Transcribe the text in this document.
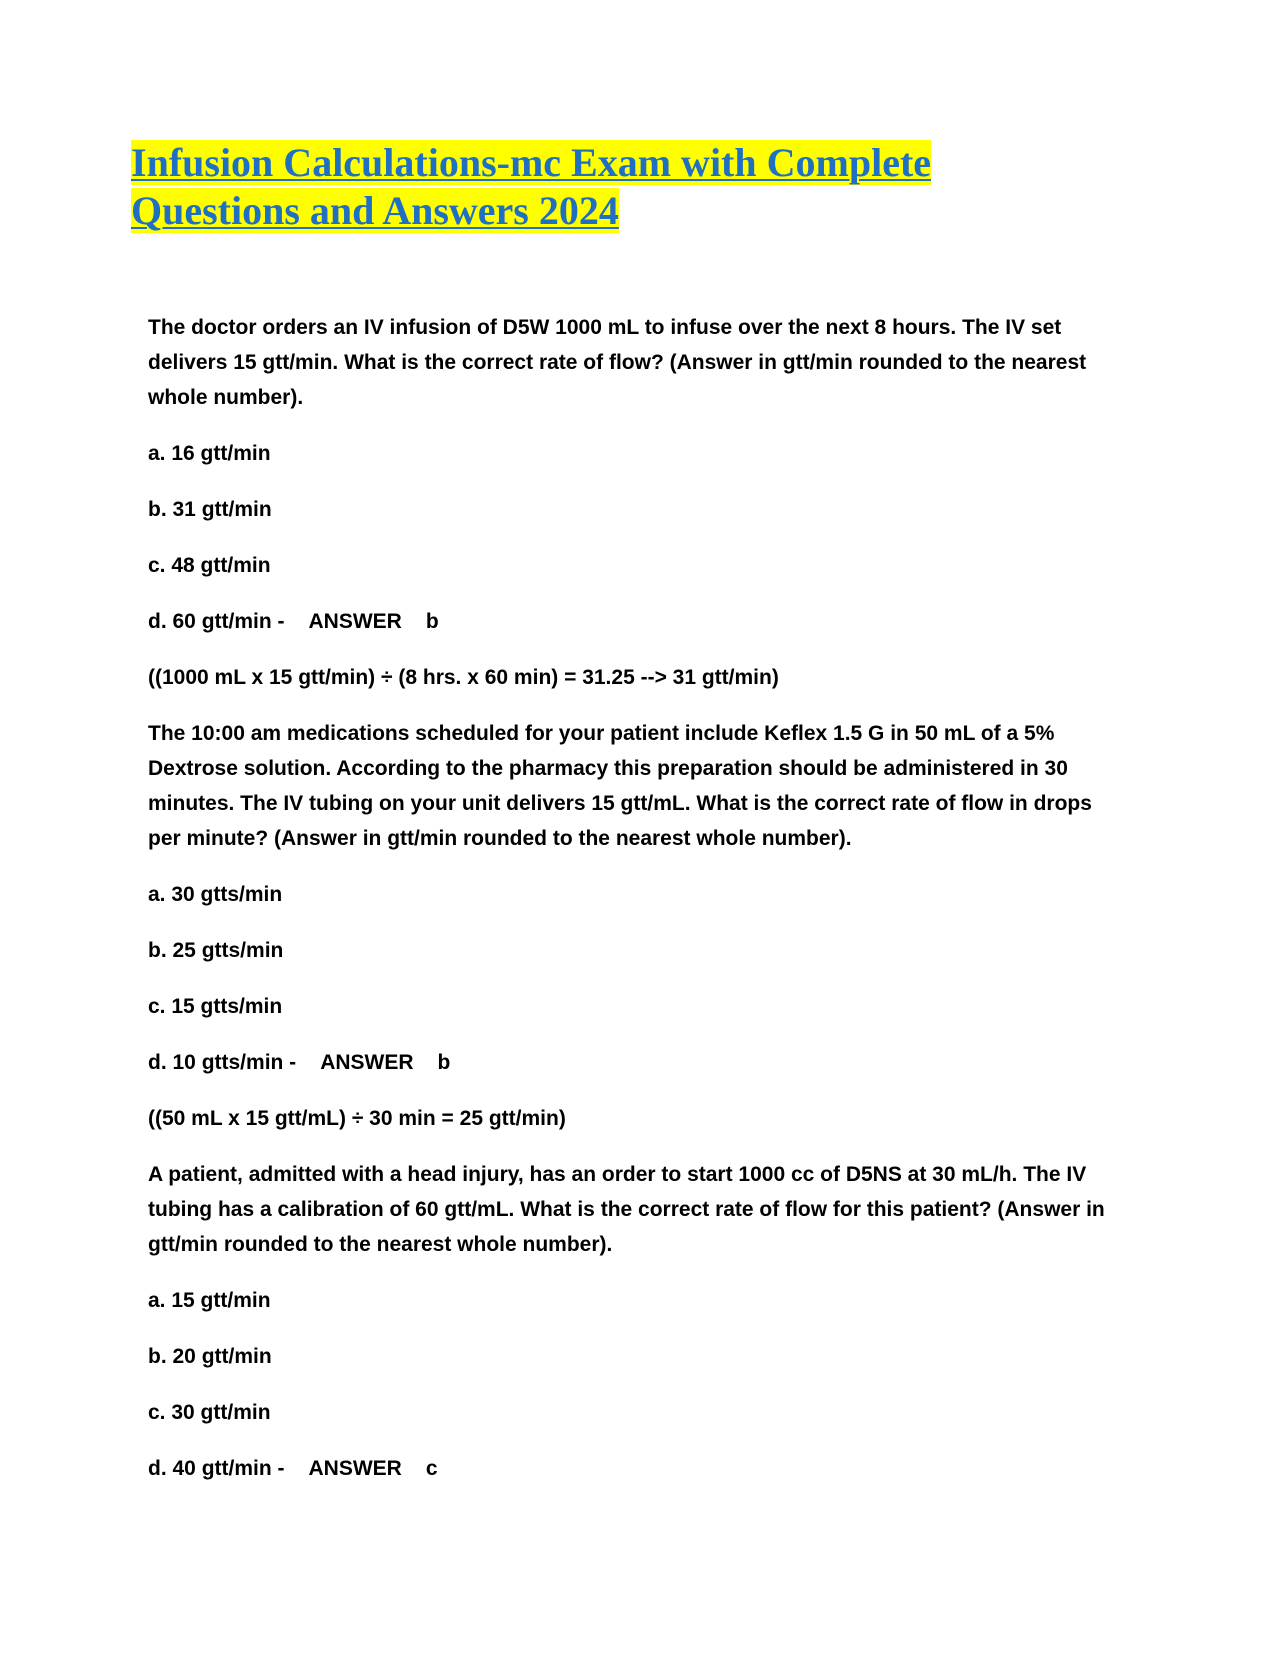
Infusion Calculations-mc Exam with Complete Questions and Answers 2024

The doctor orders an IV infusion of D5W 1000 mL to infuse over the next 8 hours. The IV set delivers 15 gtt/min. What is the correct rate of flow? (Answer in gtt/min rounded to the nearest whole number).

a. 16 gtt/min
b. 31 gtt/min
c. 48 gtt/min
d. 60 gtt/min - ANSWER b

((1000 mL x 15 gtt/min) ÷ (8 hrs. x 60 min) = 31.25 --> 31 gtt/min)

The 10:00 am medications scheduled for your patient include Keflex 1.5 G in 50 mL of a 5% Dextrose solution. According to the pharmacy this preparation should be administered in 30 minutes. The IV tubing on your unit delivers 15 gtt/mL. What is the correct rate of flow in drops per minute? (Answer in gtt/min rounded to the nearest whole number).

a. 30 gtts/min
b. 25 gtts/min
c. 15 gtts/min
d. 10 gtts/min - ANSWER b

((50 mL x 15 gtt/mL) ÷ 30 min = 25 gtt/min)

A patient, admitted with a head injury, has an order to start 1000 cc of D5NS at 30 mL/h. The IV tubing has a calibration of 60 gtt/mL. What is the correct rate of flow for this patient? (Answer in gtt/min rounded to the nearest whole number).

a. 15 gtt/min
b. 20 gtt/min
c. 30 gtt/min
d. 40 gtt/min - ANSWER c
